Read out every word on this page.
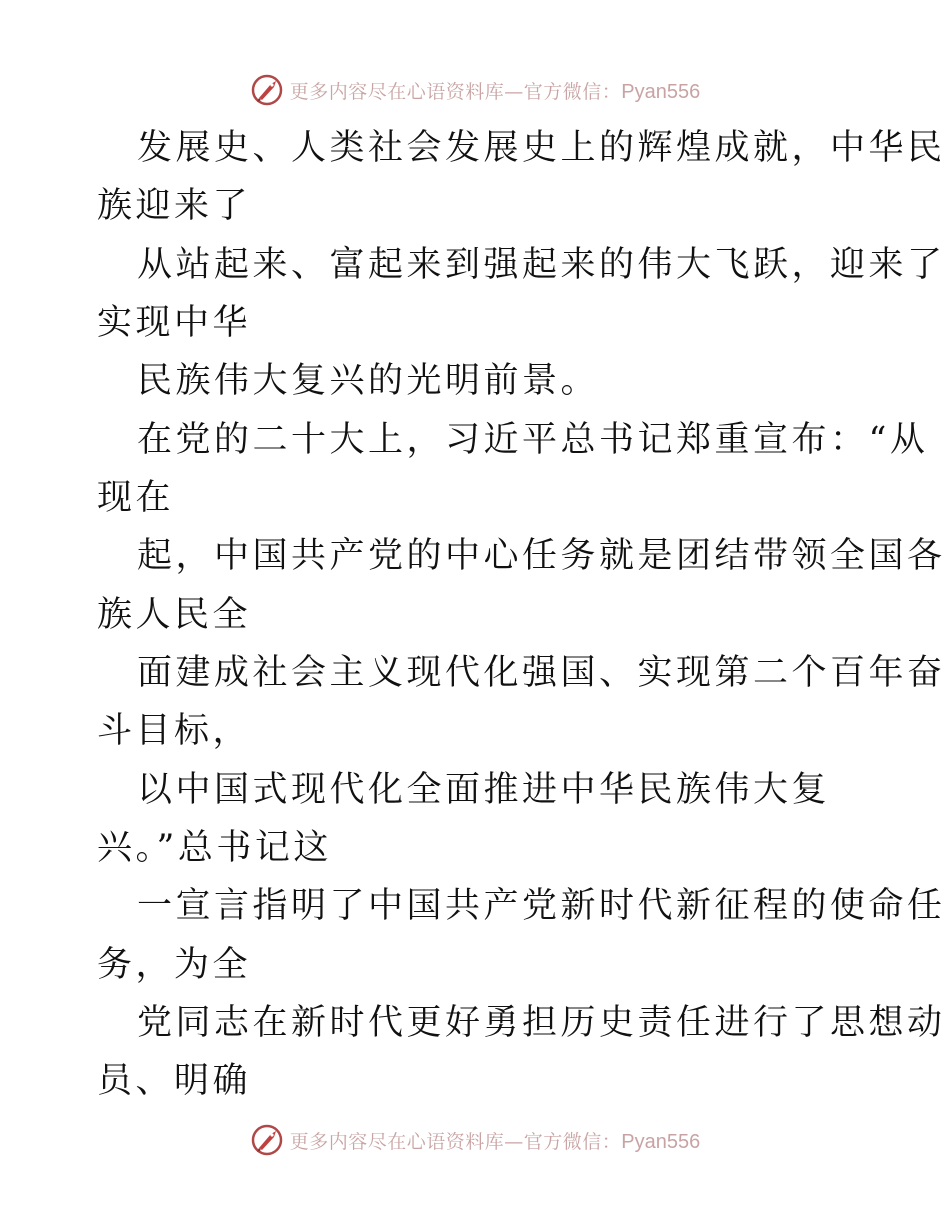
更多内容尽在心语资料库—官方微信：Pyan556
发展史、人类社会发展史上的辉煌成就，中华民
族迎来了
从站起来、富起来到强起来的伟大飞跃，迎来了
实现中华
民族伟大复兴的光明前景。
在党的二十大上，习近平总书记郑重宣布：“从
现在
起，中国共产党的中心任务就是团结带领全国各
族人民全
面建成社会主义现代化强国、实现第二个百年奋
斗目标，
以中国式现代化全面推进中华民族伟大复
兴。”总书记这
一宣言指明了中国共产党新时代新征程的使命任
务，为全
党同志在新时代更好勇担历史责任进行了思想动
员、明确
更多内容尽在心语资料库—官方微信：Pyan556
